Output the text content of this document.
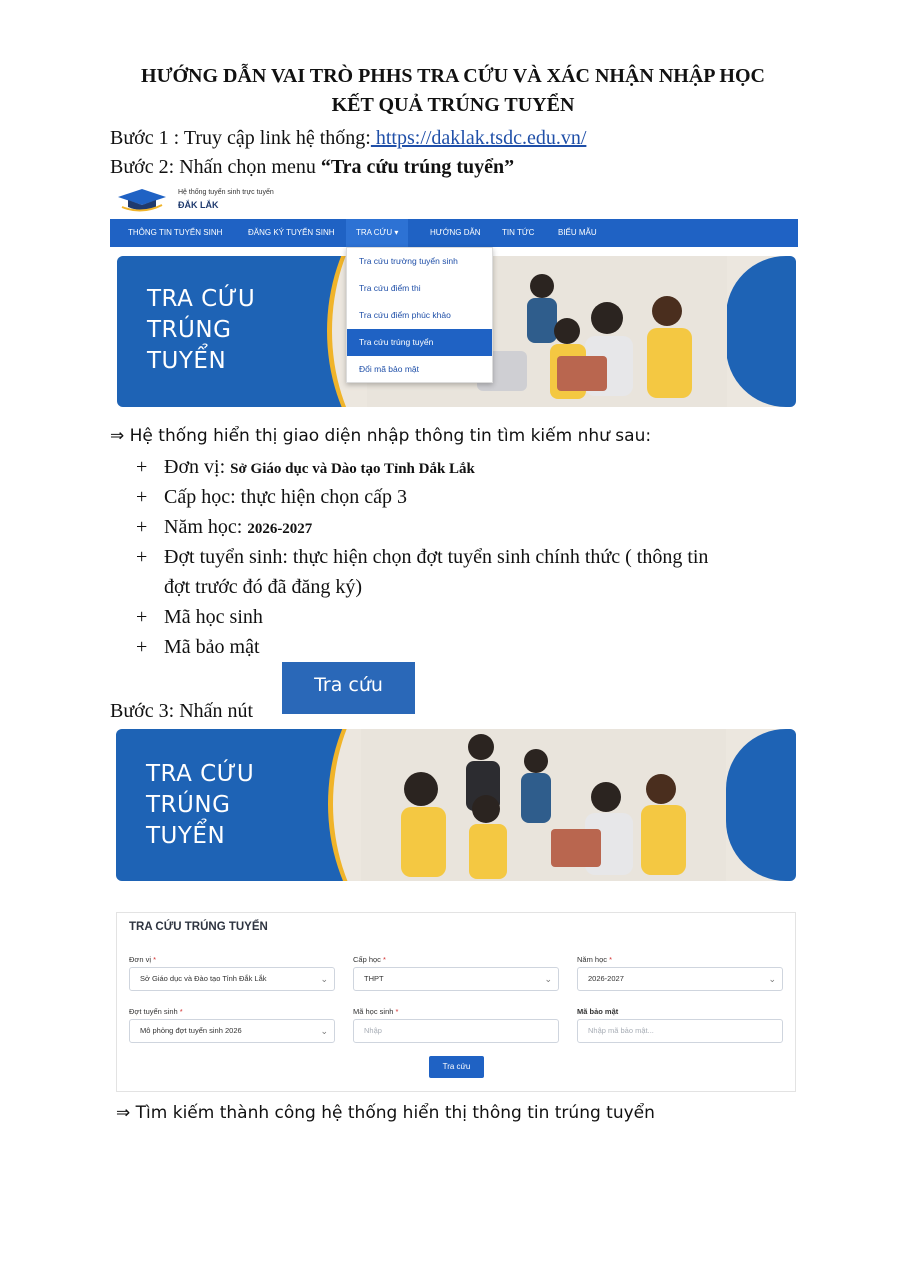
HƯỚNG DẪN VAI TRÒ PHHS TRA CỨU VÀ XÁC NHẬN NHẬP HỌC
KẾT QUẢ TRÚNG TUYỂN
Bước 1 : Truy cập link hệ thống: https://daklak.tsdc.edu.vn/
Bước 2: Nhấn chọn menu “Tra cứu trúng tuyển”
Hệ thống tuyển sinh trực tuyến
ĐẮK LẮK
THÔNG TIN TUYỂN SINH	ĐĂNG KÝ TUYỂN SINH	TRA CỨU ▾	HƯỚNG DẪN	TIN TỨC	BIỂU MẪU
TRA CỨU
TRÚNG
TUYỂN
Tra cứu trường tuyển sinh
Tra cứu điểm thi
Tra cứu điểm phúc khảo
Tra cứu trúng tuyển
Đổi mã bảo mật
⇒ Hệ thống hiển thị giao diện nhập thông tin tìm kiếm như sau:
+ Đơn vị: Sở Giáo dục và Dào tạo Tỉnh Dắk Lắk
+ Cấp học: thực hiện chọn cấp 3
+ Năm học: 2026-2027
+ Đợt tuyển sinh: thực hiện chọn đợt tuyển sinh chính thức ( thông tin
đợt trước đó đã đăng ký)
+ Mã học sinh
+ Mã bảo mật
Bước 3: Nhấn nút
Tra cứu
TRA CỨU
TRÚNG
TUYỂN
TRA CỨU TRÚNG TUYỂN
Đơn vị *
Sở Giáo dục và Đào tạo Tỉnh Đắk Lắk	⌄
Cấp học *
THPT	⌄
Năm học *
2026-2027	⌄
Đợt tuyển sinh *
Mô phỏng đợt tuyển sinh 2026	⌄
Mã học sinh *
Nhập
Mã bảo mật
Nhập mã bảo mật...
Tra cứu
⇒ Tìm kiếm thành công hệ thống hiển thị thông tin trúng tuyển
